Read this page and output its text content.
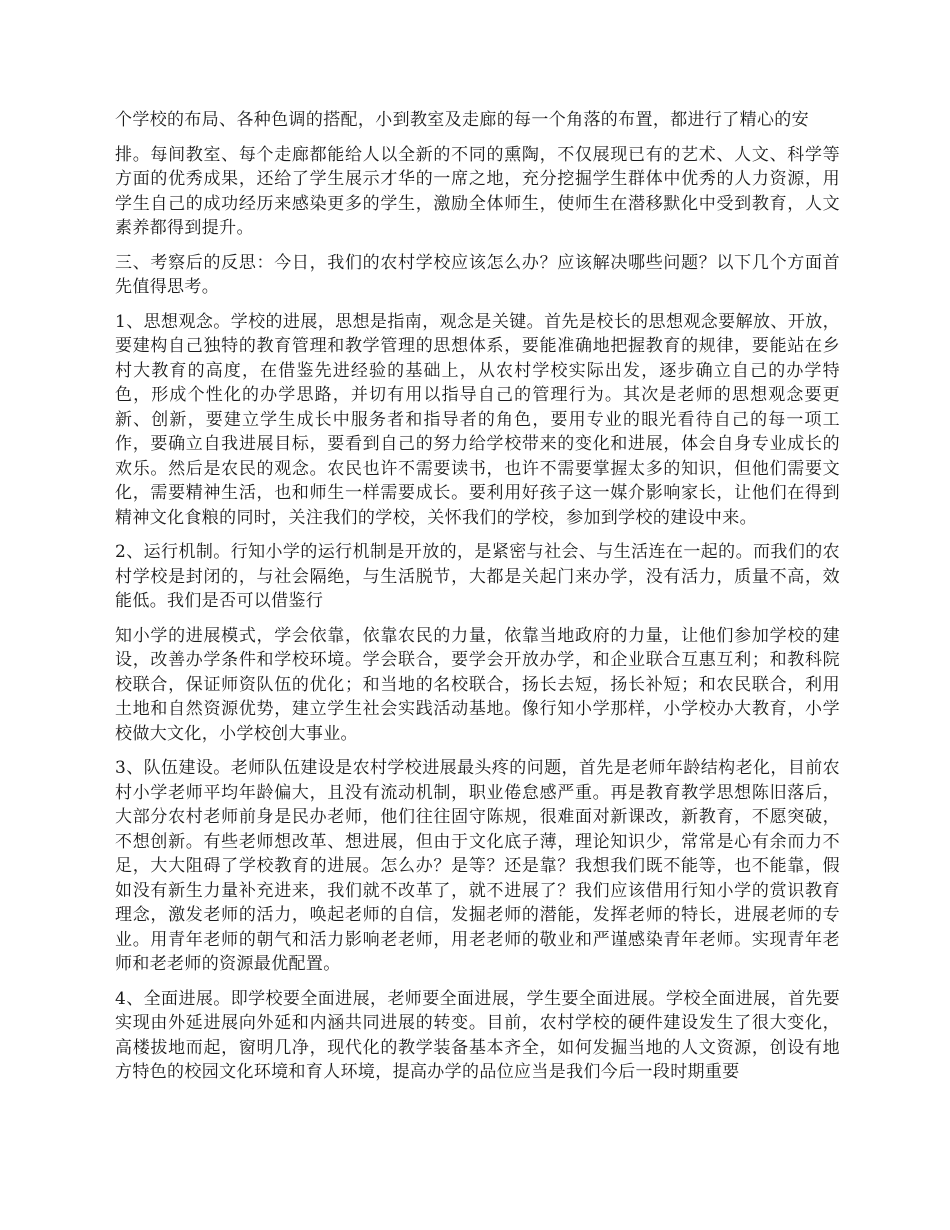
个学校的布局、各种色调的搭配，小到教室及走廊的每一个角落的布置，都进行了精心的安

排。每间教室、每个走廊都能给人以全新的不同的熏陶，不仅展现已有的艺术、人文、科学等方面的优秀成果，还给了学生展示才华的一席之地，充分挖掘学生群体中优秀的人力资源，用学生自己的成功经历来感染更多的学生，激励全体师生，使师生在潜移默化中受到教育，人文素养都得到提升。

三、考察后的反思：今日，我们的农村学校应该怎么办？应该解决哪些问题？以下几个方面首先值得思考。

1、思想观念。学校的进展，思想是指南，观念是关键。首先是校长的思想观念要解放、开放，要建构自己独特的教育管理和教学管理的思想体系，要能准确地把握教育的规律，要能站在乡村大教育的高度，在借鉴先进经验的基础上，从农村学校实际出发，逐步确立自己的办学特色，形成个性化的办学思路，并切有用以指导自己的管理行为。其次是老师的思想观念要更新、创新，要建立学生成长中服务者和指导者的角色，要用专业的眼光看待自己的每一项工作，要确立自我进展目标，要看到自己的努力给学校带来的变化和进展，体会自身专业成长的欢乐。然后是农民的观念。农民也许不需要读书，也许不需要掌握太多的知识，但他们需要文化，需要精神生活，也和师生一样需要成长。要利用好孩子这一媒介影响家长，让他们在得到精神文化食粮的同时，关注我们的学校，关怀我们的学校，参加到学校的建设中来。

2、运行机制。行知小学的运行机制是开放的，是紧密与社会、与生活连在一起的。而我们的农村学校是封闭的，与社会隔绝，与生活脱节，大都是关起门来办学，没有活力，质量不高，效能低。我们是否可以借鉴行

知小学的进展模式，学会依靠，依靠农民的力量，依靠当地政府的力量，让他们参加学校的建设，改善办学条件和学校环境。学会联合，要学会开放办学，和企业联合互惠互利；和教科院校联合，保证师资队伍的优化；和当地的名校联合，扬长去短，扬长补短；和农民联合，利用土地和自然资源优势，建立学生社会实践活动基地。像行知小学那样，小学校办大教育，小学校做大文化，小学校创大事业。

3、队伍建设。老师队伍建设是农村学校进展最头疼的问题，首先是老师年龄结构老化，目前农村小学老师平均年龄偏大，且没有流动机制，职业倦怠感严重。再是教育教学思想陈旧落后，大部分农村老师前身是民办老师，他们往往固守陈规，很难面对新课改，新教育，不愿突破，不想创新。有些老师想改革、想进展，但由于文化底子薄，理论知识少，常常是心有余而力不足，大大阻碍了学校教育的进展。怎么办？是等？还是靠？我想我们既不能等，也不能靠，假如没有新生力量补充进来，我们就不改革了，就不进展了？我们应该借用行知小学的赏识教育理念，激发老师的活力，唤起老师的自信，发掘老师的潜能，发挥老师的特长，进展老师的专业。用青年老师的朝气和活力影响老老师，用老老师的敬业和严谨感染青年老师。实现青年老师和老老师的资源最优配置。

4、全面进展。即学校要全面进展，老师要全面进展，学生要全面进展。学校全面进展，首先要实现由外延进展向外延和内涵共同进展的转变。目前，农村学校的硬件建设发生了很大变化，高楼拔地而起，窗明几净，现代化的教学装备基本齐全，如何发掘当地的人文资源，创设有地方特色的校园文化环境和育人环境，提高办学的品位应当是我们今后一段时期重要
